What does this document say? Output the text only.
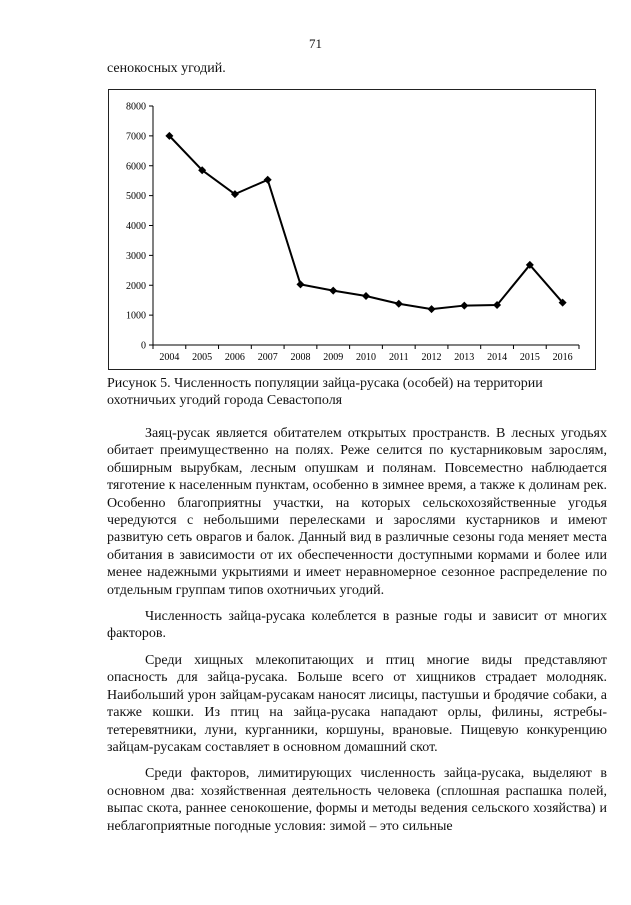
71
сенокосных угодий.
0
1000
2000
3000
4000
5000
6000
7000
8000
2004 2005 2006 2007 2008 2009 2010 2011 2012 2013 2014 2015 2016
Рисунок 5. Численность популяции зайца-русака (особей) на территории охотничьих угодий города Севастополя

Заяц-русак является обитателем открытых пространств. В лесных угодьях обитает преимущественно на полях. Реже селится по кустарниковым зарослям, обширным вырубкам, лесным опушкам и полянам. Повсеместно наблюдается тяготение к населенным пунктам, особенно в зимнее время, а также к долинам рек. Особенно благоприятны участки, на которых сельскохозяйственные угодья чередуются с небольшими перелесками и зарослями кустарников и имеют развитую сеть оврагов и балок. Данный вид в различные сезоны года меняет места обитания в зависимости от их обеспеченности доступными кормами и более или менее надежными укрытиями и имеет неравномерное сезонное распределение по отдельным группам типов охотничьих угодий.

Численность зайца-русака колеблется в разные годы и зависит от многих факторов.

Среди хищных млекопитающих и птиц многие виды представляют опасность для зайца-русака. Больше всего от хищников страдает молодняк. Наибольший урон зайцам-русакам наносят лисицы, пастушьи и бродячие собаки, а также кошки. Из птиц на зайца-русака нападают орлы, филины, ястребы-тетеревятники, луни, курганники, коршуны, врановые. Пищевую конкуренцию зайцам-русакам составляет в основном домашний скот.

Среди факторов, лимитирующих численность зайца-русака, выделяют в основном два: хозяйственная деятельность человека (сплошная распашка полей, выпас скота, раннее сенокошение, формы и методы ведения сельского хозяйства) и неблагоприятные погодные условия: зимой – это сильные
